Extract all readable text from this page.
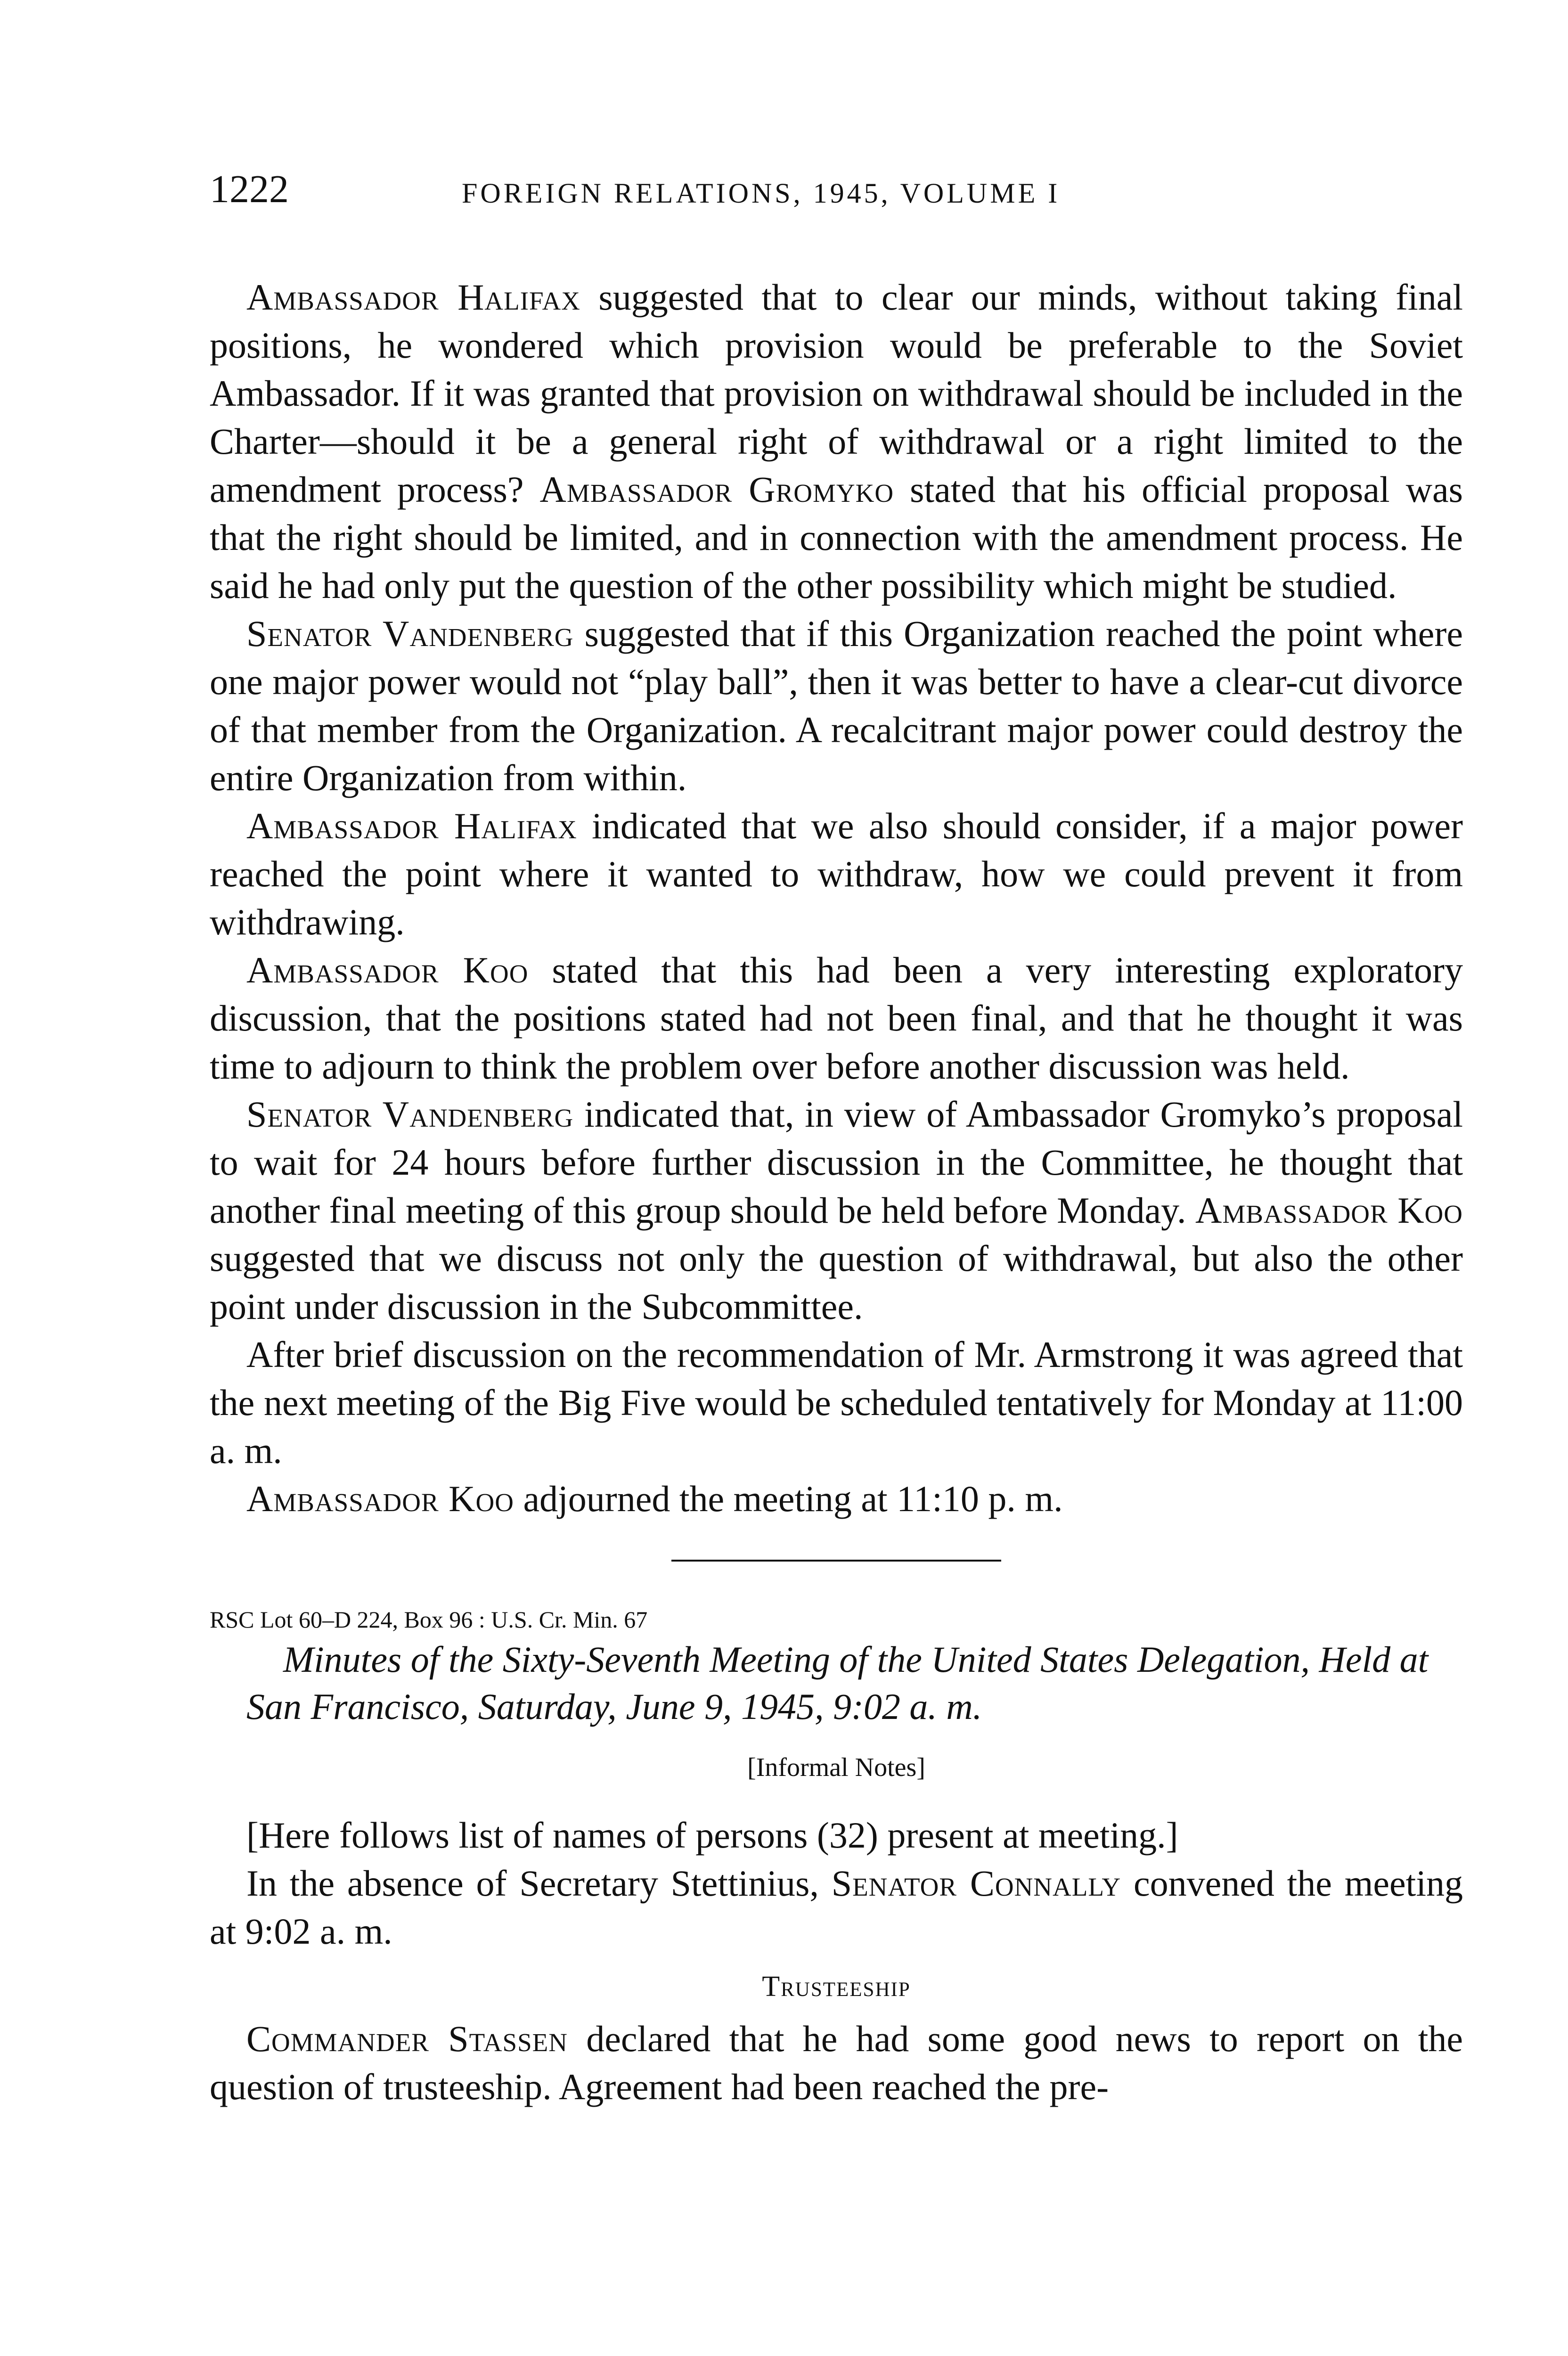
1222	FOREIGN RELATIONS, 1945, VOLUME I

Ambassador Halifax suggested that to clear our minds, without taking final positions, he wondered which provision would be preferable to the Soviet Ambassador. If it was granted that provision on withdrawal should be included in the Charter—should it be a general right of withdrawal or a right limited to the amendment process? Ambassador Gromyko stated that his official proposal was that the right should be limited, and in connection with the amendment process. He said he had only put the question of the other possibility which might be studied.

Senator Vandenberg suggested that if this Organization reached the point where one major power would not “play ball”, then it was better to have a clear-cut divorce of that member from the Organization. A recalcitrant major power could destroy the entire Organization from within.

Ambassador Halifax indicated that we also should consider, if a major power reached the point where it wanted to withdraw, how we could prevent it from withdrawing.

Ambassador Koo stated that this had been a very interesting exploratory discussion, that the positions stated had not been final, and that he thought it was time to adjourn to think the problem over before another discussion was held.

Senator Vandenberg indicated that, in view of Ambassador Gromyko’s proposal to wait for 24 hours before further discussion in the Committee, he thought that another final meeting of this group should be held before Monday. Ambassador Koo suggested that we discuss not only the question of withdrawal, but also the other point under discussion in the Subcommittee.

After brief discussion on the recommendation of Mr. Armstrong it was agreed that the next meeting of the Big Five would be scheduled tentatively for Monday at 11:00 a. m.

Ambassador Koo adjourned the meeting at 11:10 p. m.

RSC Lot 60–D 224, Box 96 : U.S. Cr. Min. 67

Minutes of the Sixty-Seventh Meeting of the United States Delegation, Held at San Francisco, Saturday, June 9, 1945, 9:02 a. m.

[Informal Notes]

[Here follows list of names of persons (32) present at meeting.]

In the absence of Secretary Stettinius, Senator Connally convened the meeting at 9:02 a. m.

Trusteeship

Commander Stassen declared that he had some good news to report on the question of trusteeship. Agreement had been reached the pre-
